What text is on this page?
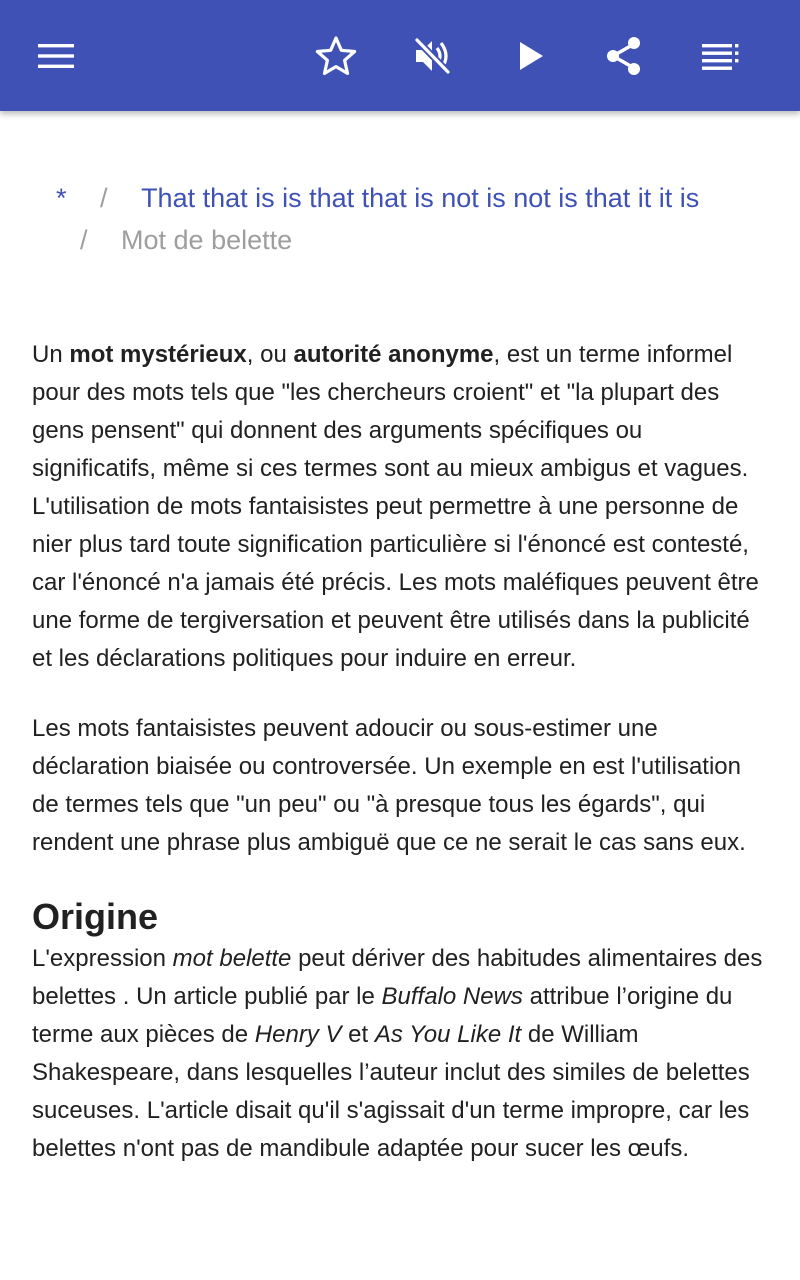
* / That that is is that that is not is not is that it it is
/ Mot de belette

Un mot mystérieux, ou autorité anonyme, est un terme informel pour des mots tels que "les chercheurs croient" et "la plupart des gens pensent" qui donnent des arguments spécifiques ou significatifs, même si ces termes sont au mieux ambigus et vagues. L'utilisation de mots fantaisistes peut permettre à une personne de nier plus tard toute signification particulière si l'énoncé est contesté, car l'énoncé n'a jamais été précis. Les mots maléfiques peuvent être une forme de tergiversation et peuvent être utilisés dans la publicité et les déclarations politiques pour induire en erreur.

Les mots fantaisistes peuvent adoucir ou sous-estimer une déclaration biaisée ou controversée. Un exemple en est l'utilisation de termes tels que "un peu" ou "à presque tous les égards", qui rendent une phrase plus ambiguë que ce ne serait le cas sans eux.

Origine

L'expression mot belette peut dériver des habitudes alimentaires des belettes . Un article publié par le Buffalo News attribue l’origine du terme aux pièces de Henry V et As You Like It de William Shakespeare, dans lesquelles l’auteur inclut des similes de belettes suceuses. L'article disait qu'il s'agissait d'un terme impropre, car les belettes n'ont pas de mandibule adaptée pour sucer les œufs.
